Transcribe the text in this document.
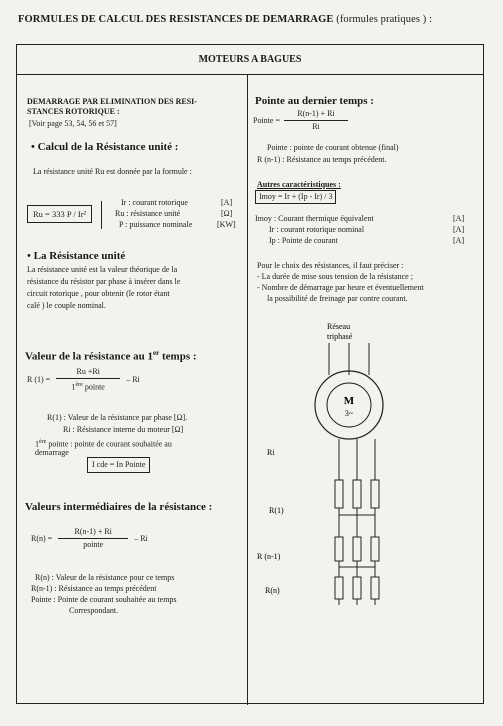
FORMULES DE CALCUL DES RESISTANCES DE DEMARRAGE (formules pratiques ) :
MOTEURS A BAGUES
DEMARRAGE PAR ELIMINATION DES RESI-
STANCES ROTORIQUE :
[Voir page 53, 54, 56 et 57]
• Calcul de la Résistance unité :
La résistance unité Ru est donnée par la formule :
Ru = 333 P / Ir²
Ir : courant rotorique	[A]
Ru : résistance unité	[Ω]
P : puissance nominale	[KW]
• La Résistance unité
La résistance unité est la valeur théorique de la
résistance du résistor par phase à insérer dans le
circuit rotorique , pour obtenir (le rotor étant
calé ) le couple nominal.
Valeur de la résistance au 1er temps :
R $(1) = \frac{Ru +Ri}{1^{ère} pointe} - Ri$
R(1) : Valeur de la résistance par phase [Ω].
Ri : Résistance interne du moteur [Ω]
1ère pointe : pointe de courant souhaitée au
demarrage
I cde = In Pointe
Valeurs intermédiaires de la résistance :
$R(n) = \frac{R(n-1) + Ri}{\text{pointe}} - Ri$
R(n) : Valeur de la résistance pour ce temps
R(n-1) : Résistance au temps précédent
Pointe : Pointe de courant souhaitée au temps
Correspondant.
Pointe au dernier temps :
Pointe = $\frac{R(n-1) + Ri}{Ri}$
Pointe : pointe de courant obtenue (final)
R (n-1) : Résistance au temps précédent.
Autres caractéristiques :
Imoy = Ir + (Ip - Ir) / 3
Imoy : Courant thermique équivalent	[A]
Ir : courant rotorique nominal	[A]
Ip : Pointe de courant	[A]
Pour le choix des résistances, il faut préciser :
- La durée de mise sous tension de la résistance ;
- Nombre de démarrage par heure et éventuellement
la possibilité de freinage par contre courant.
Réseau
triphasé
M
3~
Ri
R(1)
R (n-1)
R(n)
